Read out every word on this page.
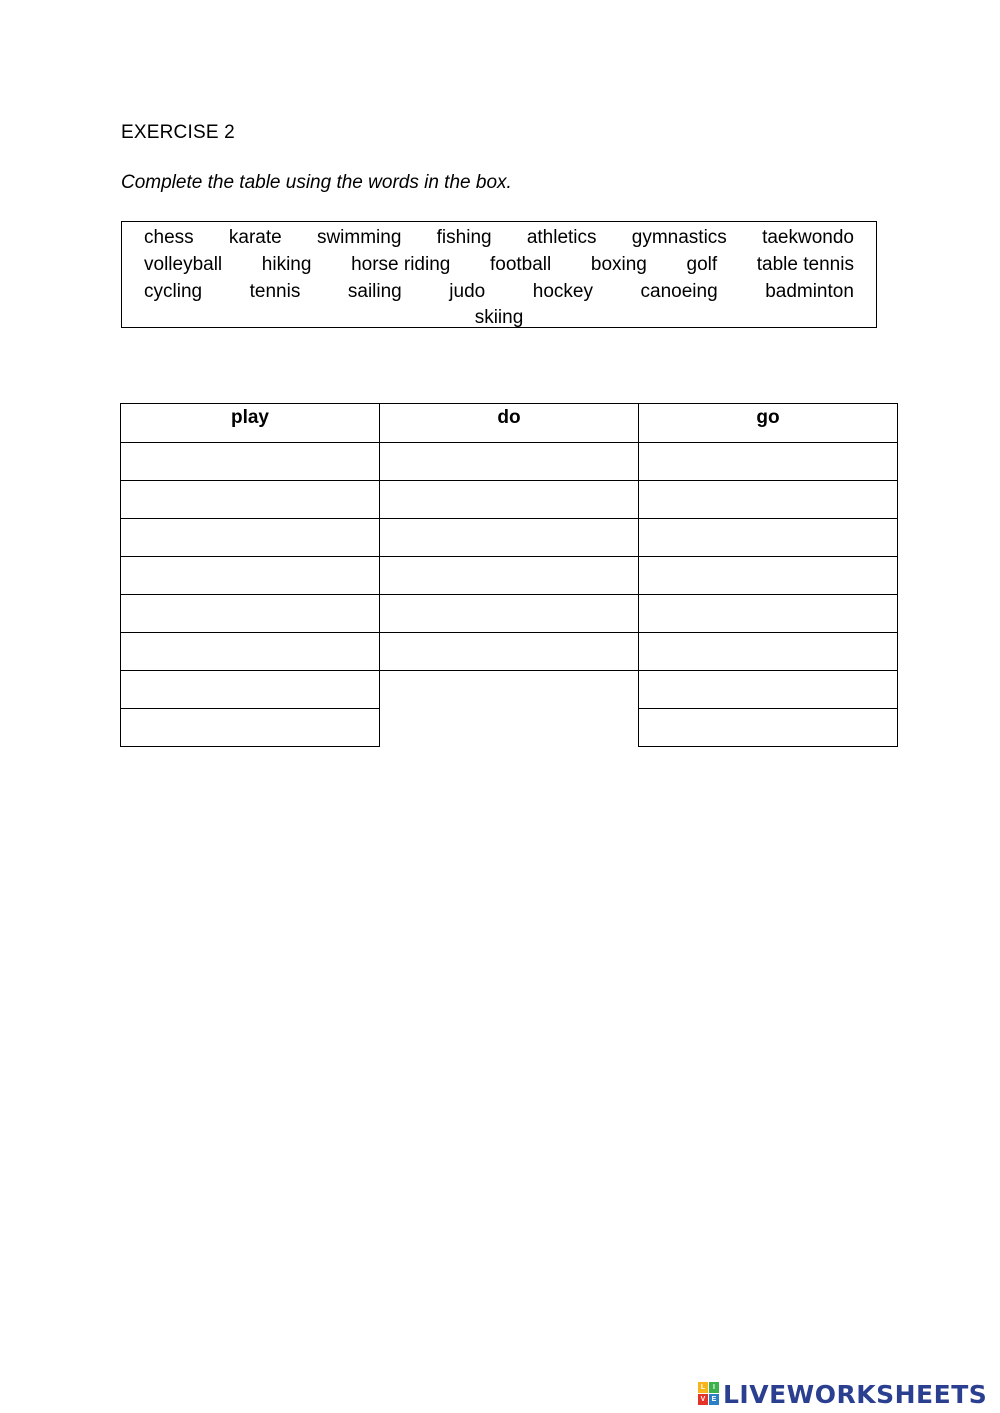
EXERCISE 2
Complete the table using the words in the box.
chess karate swimming fishing athletics gymnastics taekwondo
volleyball hiking horse riding football boxing golf table tennis
cycling	tennis	sailing	judo	hockey	canoeing	badminton
skiing
play	do	go
L	I
V E LIVEWORKSHEETS
